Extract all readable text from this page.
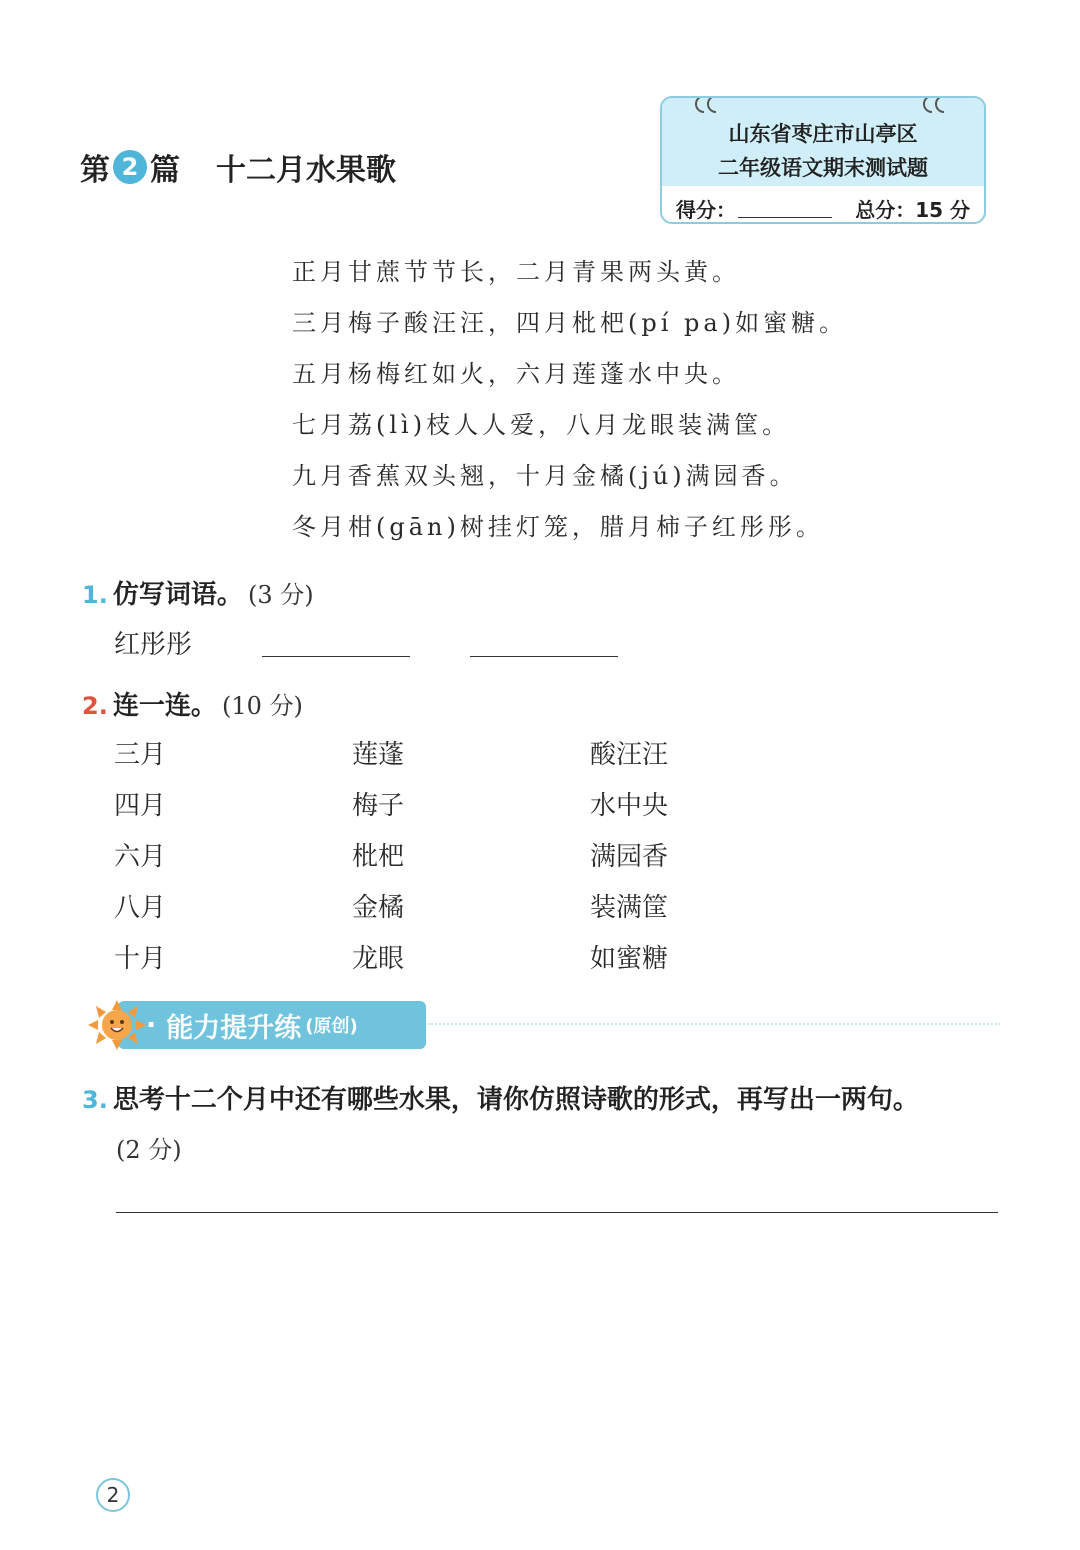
第 2 篇 十二月水果歌
山东省枣庄市山亭区
二年级语文期末测试题
得分：	总分：15 分
正月甘蔗节节长，二月青果两头黄。
三月梅子酸汪汪，四月枇杷(pí pa)如蜜糖。
五月杨梅红如火，六月莲蓬水中央。
七月荔(lì)枝人人爱，八月龙眼装满筐。
九月香蕉双头翘，十月金橘(jú)满园香。
冬月柑(gān)树挂灯笼，腊月柿子红彤彤。
1. 仿写词语。 (3 分)
红彤彤
2. 连一连。 (10 分)
三月
四月
六月
八月
十月
莲蓬
梅子
枇杷
金橘
龙眼
酸汪汪
水中央
满园香
装满筐
如蜜糖
· 能力提升练 (原创)
3. 思考十二个月中还有哪些水果，请你仿照诗歌的形式，再写出一两句。
(2 分)
2
